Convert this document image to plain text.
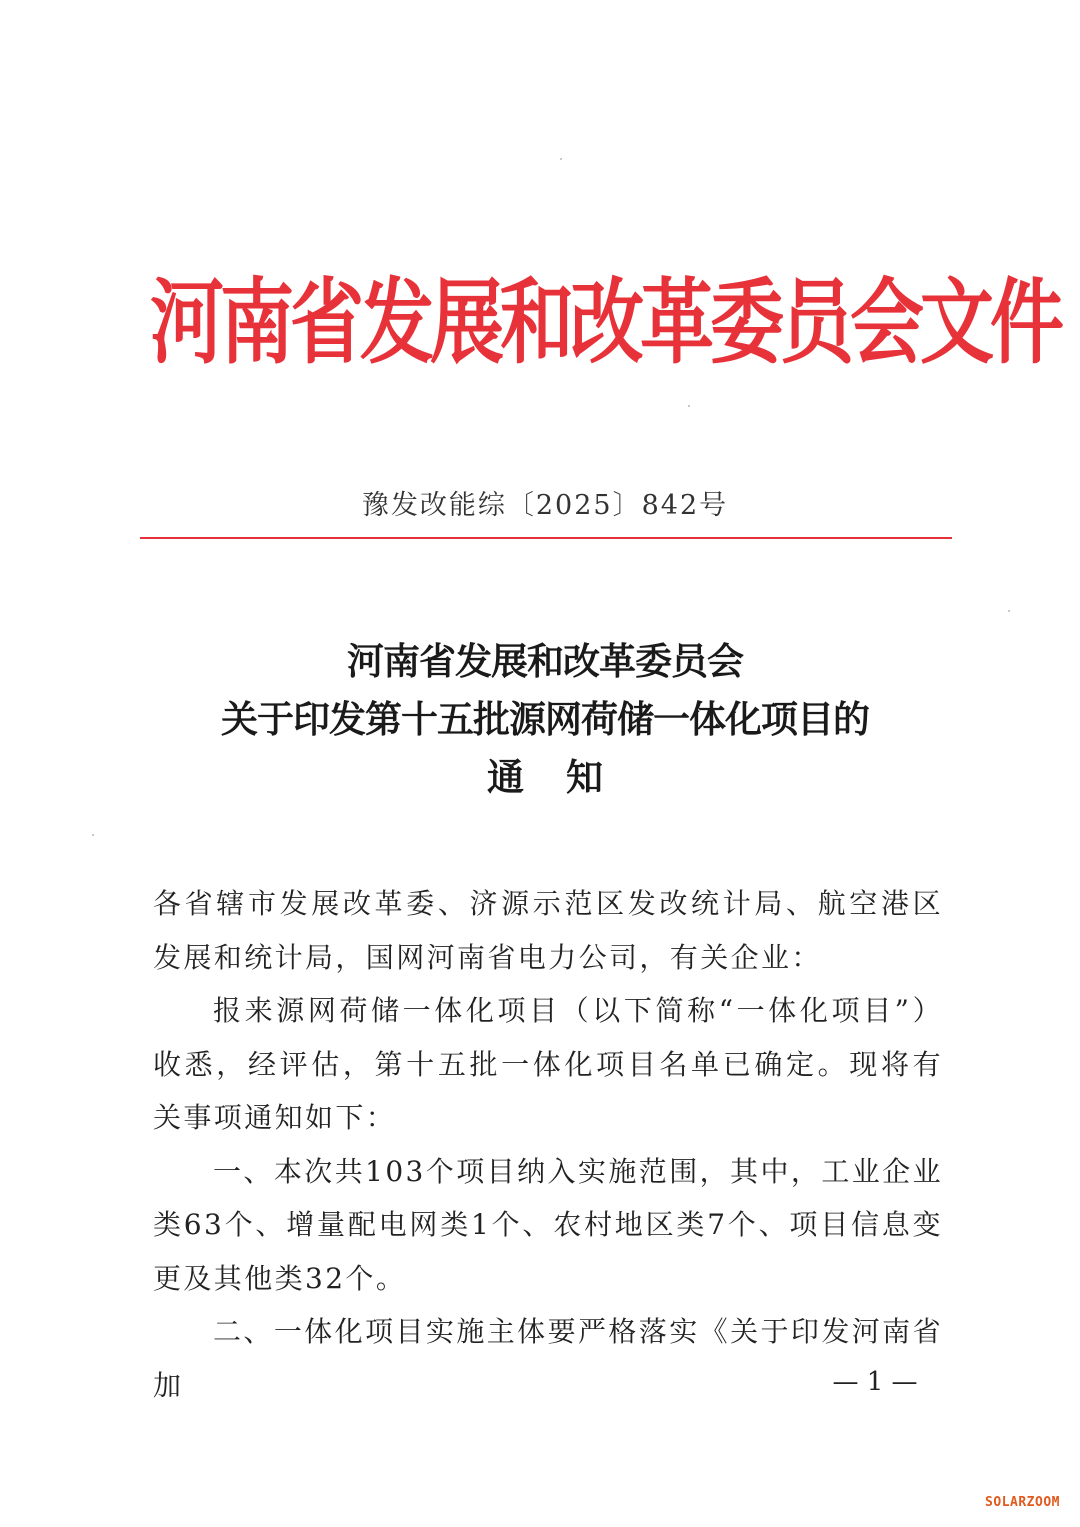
河南省发展和改革委员会文件
豫发改能综〔2025〕842号
河南省发展和改革委员会
关于印发第十五批源网荷储一体化项目的
通知

各省辖市发展改革委、济源示范区发改统计局、航空港区发展和统计局，国网河南省电力公司，有关企业：

报来源网荷储一体化项目（以下简称“一体化项目”）收悉，经评估，第十五批一体化项目名单已确定。现将有关事项通知如下：

一、本次共103个项目纳入实施范围，其中，工业企业类63个、增量配电网类1个、农村地区类7个、项目信息变更及其他类32个。

二、一体化项目实施主体要严格落实《关于印发河南省加	— 1 —
SOLARZOOM
